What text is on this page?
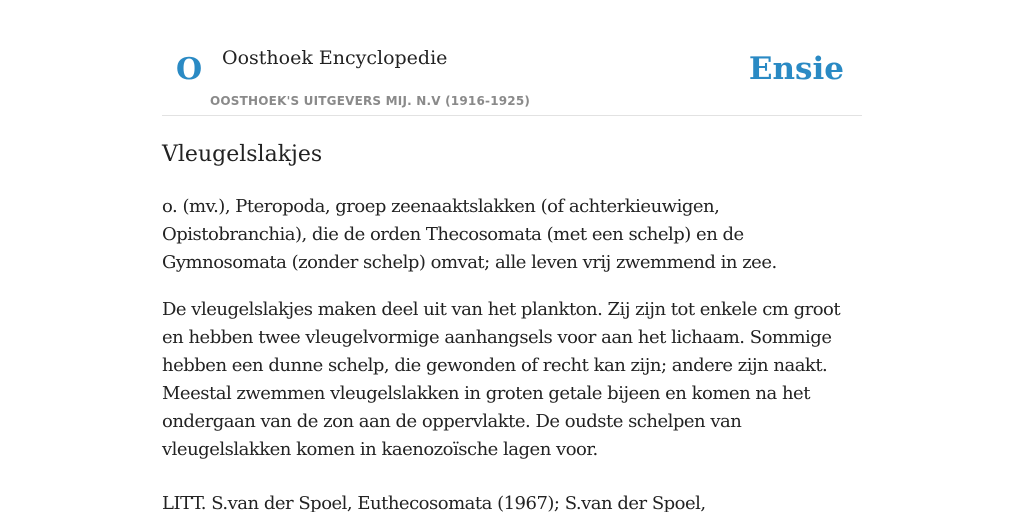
O Oosthoek Encyclopedie
OOSTHOEK'S UITGEVERS MIJ. N.V (1916-1925)
Ensie
Vleugelslakjes

o. (mv.), Pteropoda, groep zeenaaktslakken (of achterkieuwigen, Opistobranchia), die de orden Thecosomata (met een schelp) en de Gymnosomata (zonder schelp) omvat; alle leven vrij zwemmend in zee.

De vleugelslakjes maken deel uit van het plankton. Zij zijn tot enkele cm groot en hebben twee vleugelvormige aanhangsels voor aan het lichaam. Sommige hebben een dunne schelp, die gewonden of recht kan zijn; andere zijn naakt. Meestal zwemmen vleugelslakken in groten getale bijeen en komen na het ondergaan van de zon aan de oppervlakte. De oudste schelpen van vleugelslakken komen in kaenozoïsche lagen voor.

LITT. S.van der Spoel, Euthecosomata (1967); S.van der Spoel,
